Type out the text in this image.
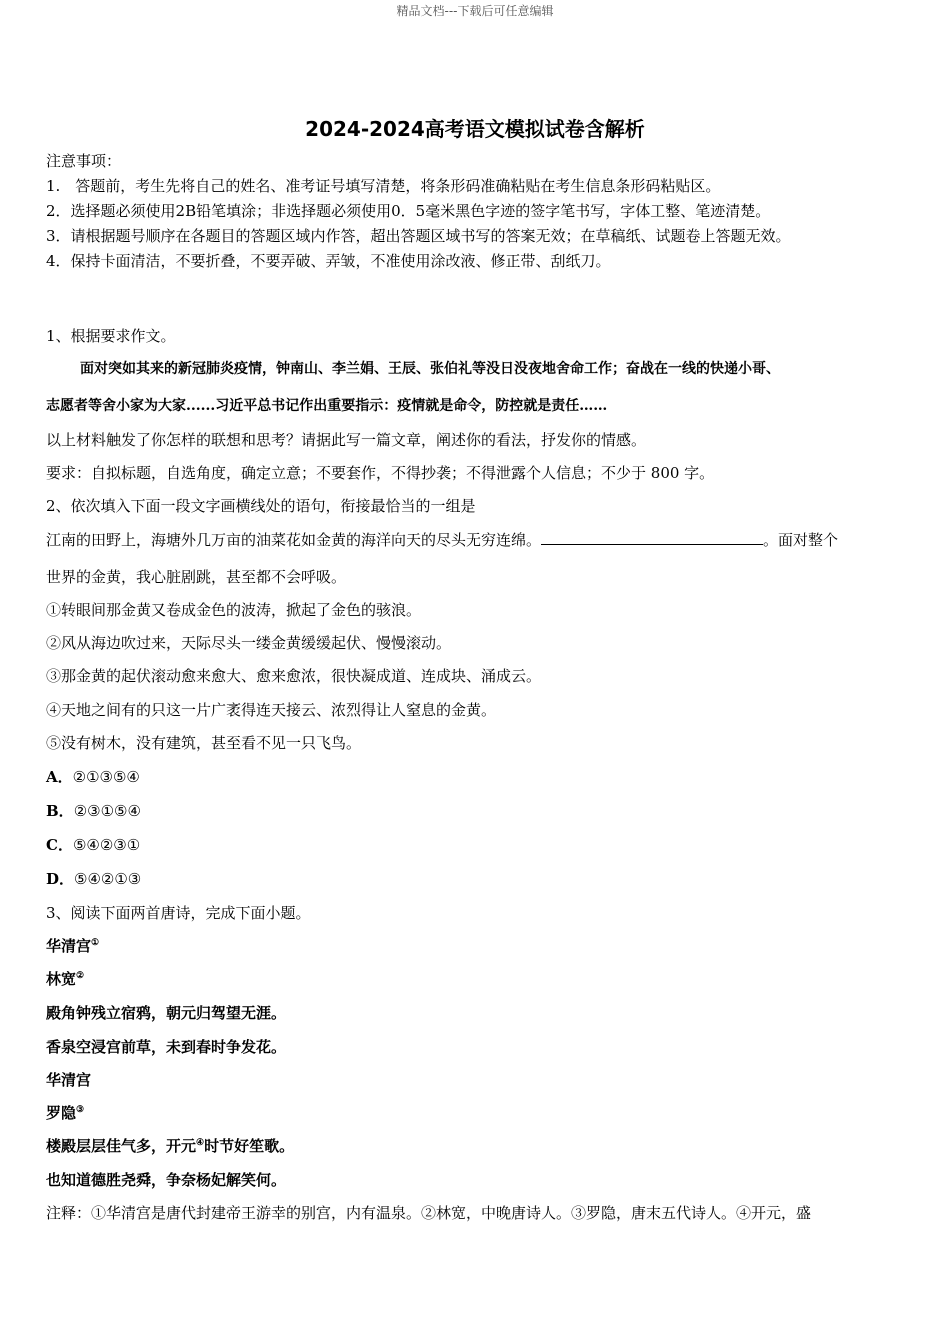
精品文档---下载后可任意编辑
2024-2024高考语文模拟试卷含解析
注意事项：
1.　答题前，考生先将自己的姓名、准考证号填写清楚，将条形码准确粘贴在考生信息条形码粘贴区。
2．选择题必须使用2B铅笔填涂；非选择题必须使用0．5毫米黑色字迹的签字笔书写，字体工整、笔迹清楚。
3．请根据题号顺序在各题目的答题区域内作答，超出答题区域书写的答案无效；在草稿纸、试题卷上答题无效。
4．保持卡面清洁，不要折叠，不要弄破、弄皱，不准使用涂改液、修正带、刮纸刀。
1、根据要求作文。
面对突如其来的新冠肺炎疫情，钟南山、李兰娟、王辰、张伯礼等没日没夜地舍命工作；奋战在一线的快递小哥、
志愿者等舍小家为大家......习近平总书记作出重要指示：疫情就是命令，防控就是责任……
以上材料触发了你怎样的联想和思考？请据此写一篇文章，阐述你的看法，抒发你的情感。
要求：自拟标题，自选角度，确定立意；不要套作，不得抄袭；不得泄露个人信息；不少于 800 字。
2、依次填入下面一段文字画横线处的语句，衔接最恰当的一组是
江南的田野上，海塘外几万亩的油菜花如金黄的海洋向天的尽头无穷连绵。	。面对整个
世界的金黄，我心脏剧跳，甚至都不会呼吸。
①转眼间那金黄又卷成金色的波涛，掀起了金色的骇浪。
②风从海边吹过来，天际尽头一缕金黄缓缓起伏、慢慢滚动。
③那金黄的起伏滚动愈来愈大、愈来愈浓，很快凝成道、连成块、涌成云。
④天地之间有的只这一片广袤得连天接云、浓烈得让人窒息的金黄。
⑤没有树木，没有建筑，甚至看不见一只飞鸟。
A．②①③⑤④
B．②③①⑤④
C．⑤④②③①
D．⑤④②①③
3、阅读下面两首唐诗，完成下面小题。
华清宫①
林宽②
殿角钟残立宿鸦，朝元归驾望无涯。
香泉空浸宫前草，未到春时争发花。
华清宫
罗隐③
楼殿层层佳气多，开元④时节好笙歌。
也知道德胜尧舜，争奈杨妃解笑何。
注释：①华清宫是唐代封建帝王游幸的别宫，内有温泉。②林宽，中晚唐诗人。③罗隐，唐末五代诗人。④开元，盛
